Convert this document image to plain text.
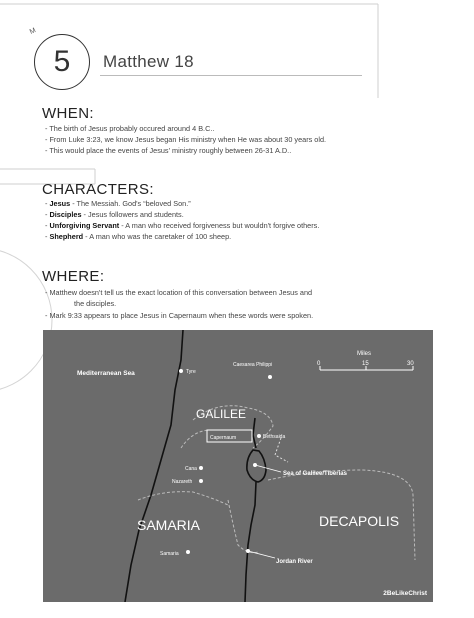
M
5 Matthew 18
WHEN:
- The birth of Jesus probably occured around 4 B.C..
- From Luke 3:23, we know Jesus began His ministry when He was about 30 years old.
- This would place the events of Jesus' ministry roughly between 26-31 A.D..
CHARACTERS:
- Jesus - The Messiah. God's “beloved Son.”
- Disciples - Jesus followers and students.
- Unforgiving Servant - A man who received forgiveness but wouldn't forgive others.
- Shepherd - A man who was the caretaker of 100 sheep.
WHERE:
- Matthew doesn't tell us the exact location of this conversation between Jesus and
the disciples.
- Mark 9:33 appears to place Jesus in Capernaum when these words were spoken.
Mediterranean Sea	Tyre
Caesarea Philippi
GALILEE
Capernaum	Bethsaida
Cana
Nazareth
Sea of Galilee/Tiberias
SAMARIA	DECAPOLIS
Samaria
Jordan River
Miles
0	15	30
2BeLikeChrist
